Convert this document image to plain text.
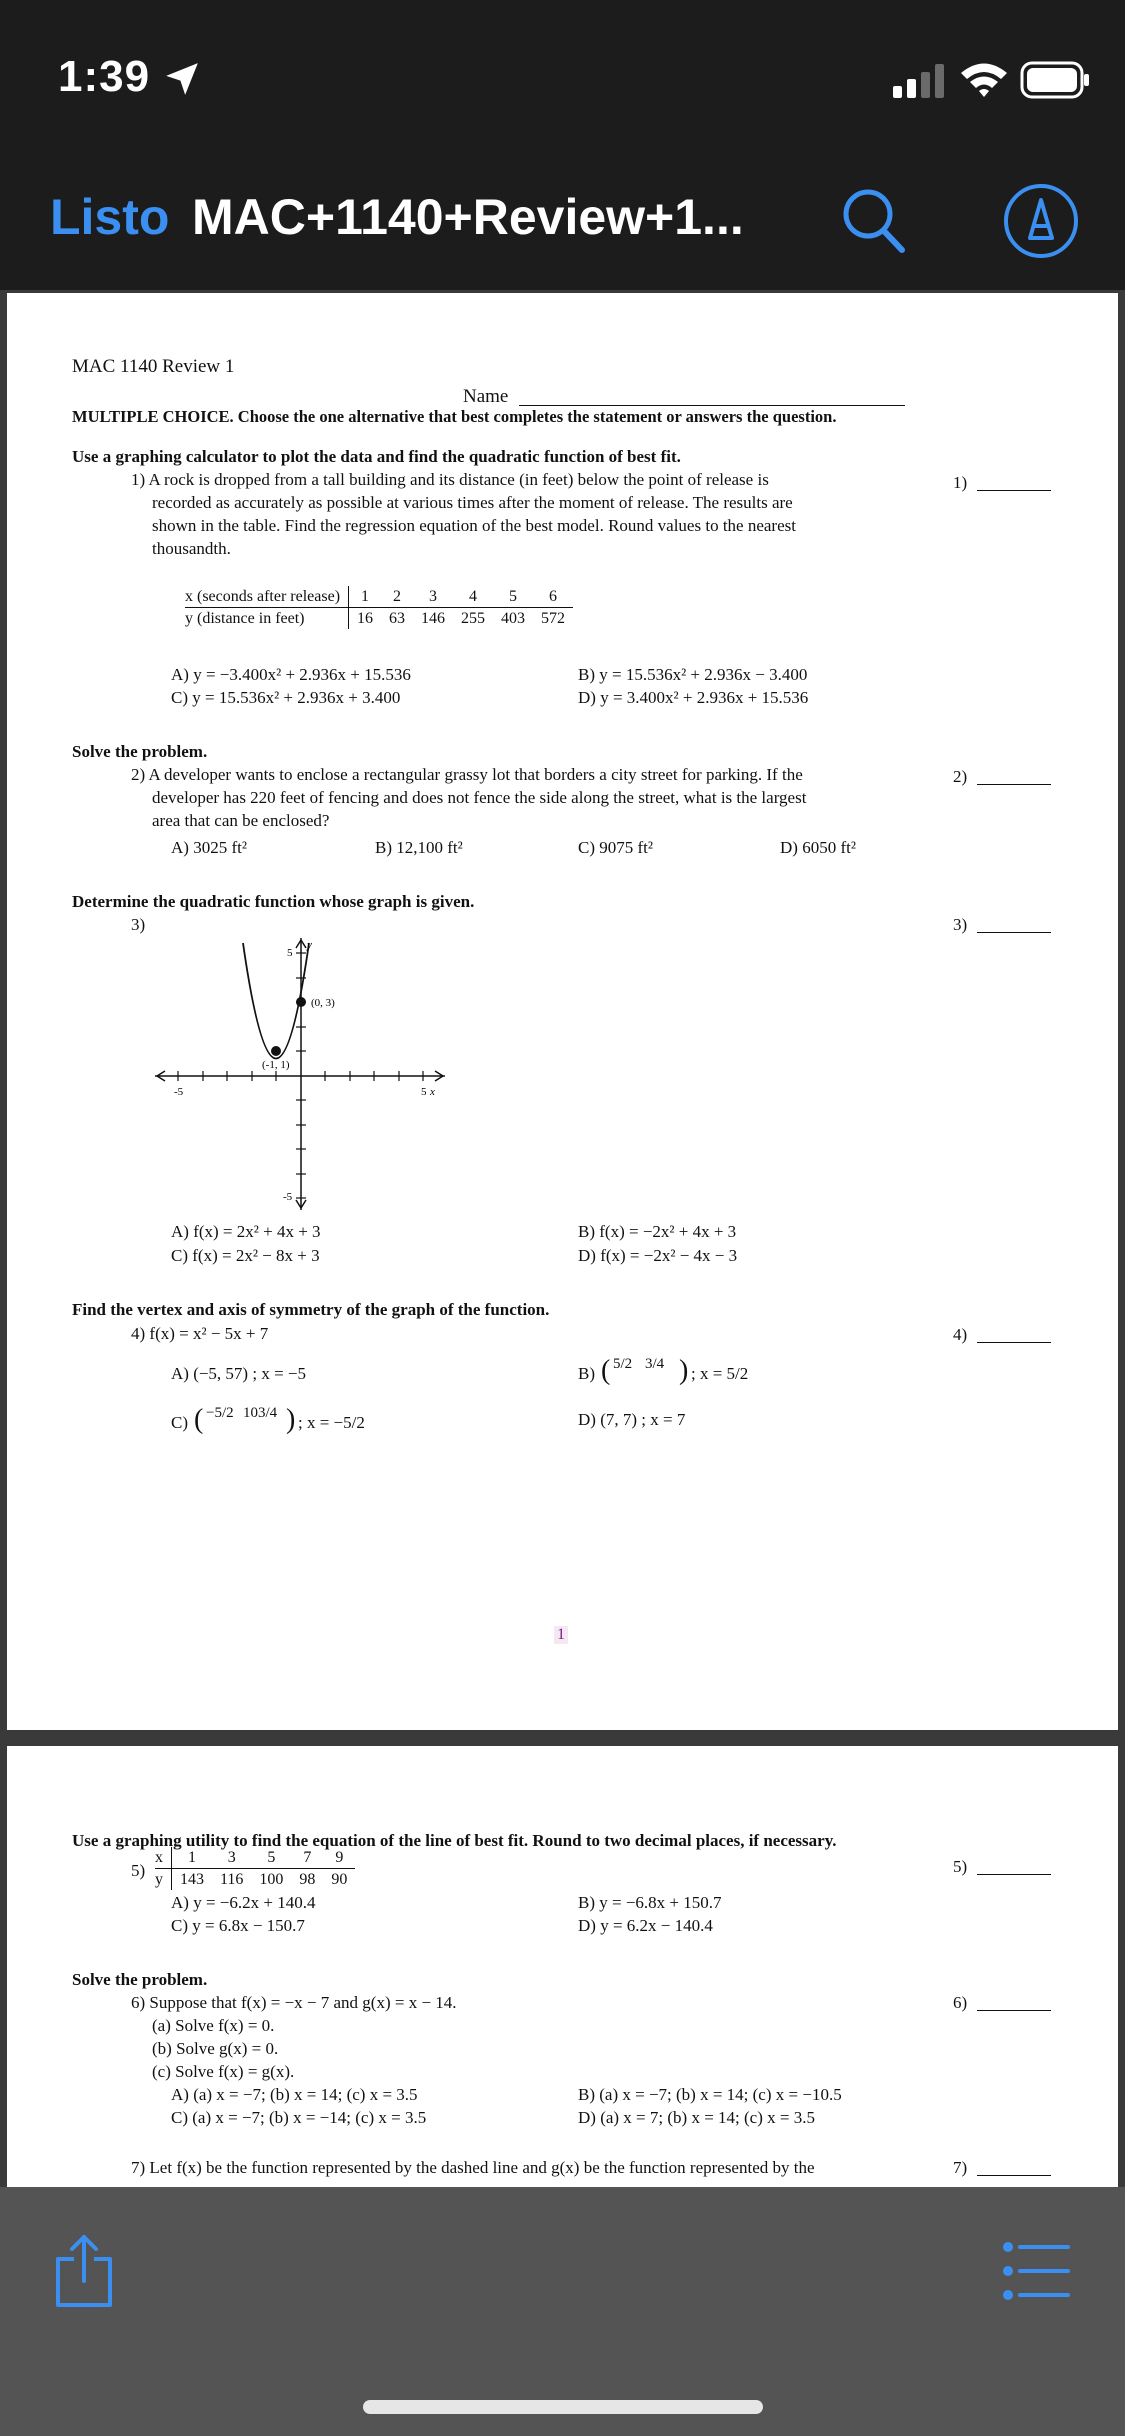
1:39
Listo MAC+1140+Review+1...
MAC 1140 Review 1
Name
MULTIPLE CHOICE. Choose the one alternative that best completes the statement or answers the question.
Use a graphing calculator to plot the data and find the quadratic function of best fit.
1) A rock is dropped from a tall building and its distance (in feet) below the point of release is
recorded as accurately as possible at various times after the moment of release. The results are
shown in the table. Find the regression equation of the best model. Round values to the nearest
thousandth.
1)
x (seconds after release)	1	2	3	4	5	6
y (distance in feet)	16	63	146	255	403	572
A) y = −3.400x² + 2.936x + 15.536	B) y = 15.536x² + 2.936x − 3.400
C) y = 15.536x² + 2.936x + 3.400	D) y = 3.400x² + 2.936x + 15.536
Solve the problem.
2) A developer wants to enclose a rectangular grassy lot that borders a city street for parking. If the
developer has 220 feet of fencing and does not fence the side along the street, what is the largest
area that can be enclosed?
2)
A) 3025 ft²	B) 12,100 ft²	C) 9075 ft²	D) 6050 ft²
Determine the quadratic function whose graph is given.
3)	3)
5
y
-5
-5	5 x
(0, 3)
(-1, 1)
A) f(x) = 2x² + 4x + 3	B) f(x) = −2x² + 4x + 3
C) f(x) = 2x² − 8x + 3	D) f(x) = −2x² − 4x − 3
Find the vertex and axis of symmetry of the graph of the function.
4) f(x) = x² − 5x + 7	4)
A) (−5, 57) ; x = −5	B) ( 5/2 3/4 ) ; x = 5/2
C) ( −5/2 103/4 ) ; x = −5/2	D) (7, 7) ; x = 7
1
Use a graphing utility to find the equation of the line of best fit. Round to two decimal places, if necessary.
5)	5)
x	1	3	5	7	9
y	143	116	100	98	90
A) y = −6.2x + 140.4	B) y = −6.8x + 150.7
C) y = 6.8x − 150.7	D) y = 6.2x − 140.4
Solve the problem.
6) Suppose that f(x) = −x − 7 and g(x) = x − 14.	6)
(a) Solve f(x) = 0.
(b) Solve g(x) = 0.
(c) Solve f(x) = g(x).
A) (a) x = −7; (b) x = 14; (c) x = 3.5	B) (a) x = −7; (b) x = 14; (c) x = −10.5
C) (a) x = −7; (b) x = −14; (c) x = 3.5	D) (a) x = 7; (b) x = 14; (c) x = 3.5
7) Let f(x) be the function represented by the dashed line and g(x) be the function represented by the	7)
